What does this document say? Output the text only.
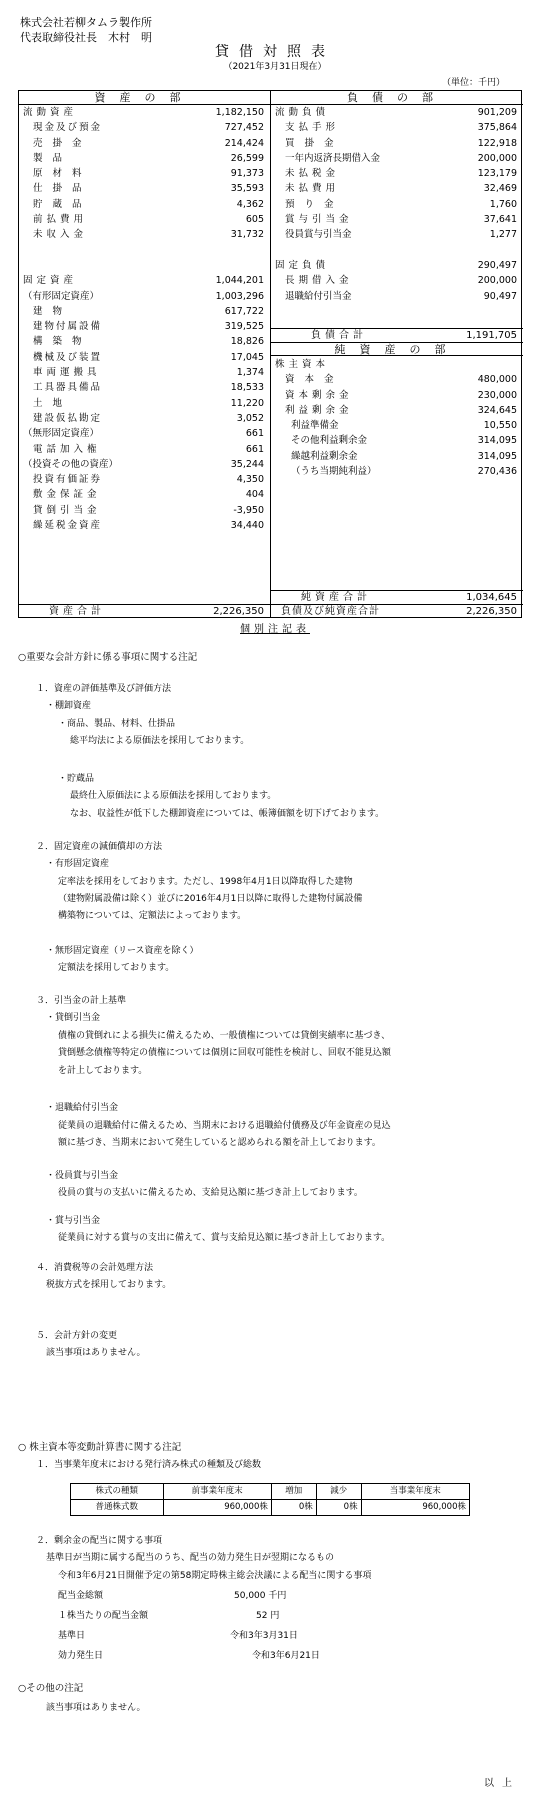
株式会社若柳タムラ製作所
代表取締役社長　木村　明
貸借対照表
（2021年3月31日現在）
（単位：千円）
資産の部
流動資産	1,182,150
現金及び預金	727,452
売掛金	214,424
製品	26,599
原材料	91,373
仕掛品	35,593
貯蔵品	4,362
前払費用	605
未収入金	31,732
固定資産	1,044,201
（有形固定資産）	1,003,296
建物	617,722
建物付属設備	319,525
構築物	18,826
機械及び装置	17,045
車両運搬具	1,374
工具器具備品	18,533
土地	11,220
建設仮払勘定	3,052
（無形固定資産）	661
電話加入権	661
（投資その他の資産）	35,244
投資有価証券	4,350
敷金保証金	404
貸倒引当金	-3,950
繰延税金資産	34,440
資産合計	2,226,350
負債の部
流動負債	901,209
支払手形	375,864
買掛金	122,918
一年内返済長期借入金	200,000
未払税金	123,179
未払費用	32,469
預り金	1,760
賞与引当金	37,641
役員賞与引当金	1,277
固定負債	290,497
長期借入金	200,000
退職給付引当金	90,497
負債合計	1,191,705
純資産の部
株主資本
資本金	480,000
資本剰余金	230,000
利益剰余金	324,645
利益準備金	10,550
その他利益剰余金	314,095
繰越利益剰余金	314,095
（うち当期純利益）	270,436
純資産合計	1,034,645
負債及び純資産合計	2,226,350
個別注記表
○重要な会計方針に係る事項に関する注記
１．資産の評価基準及び評価方法
・棚卸資産
・商品、製品、材料、仕掛品
総平均法による原価法を採用しております。
・貯蔵品
最終仕入原価法による原価法を採用しております。
なお、収益性が低下した棚卸資産については、帳簿価額を切下げております。
２．固定資産の減価償却の方法
・有形固定資産
定率法を採用をしております。ただし、1998年4月1日以降取得した建物
（建物附属設備は除く）並びに2016年4月1日以降に取得した建物付属設備
構築物については、定額法によっております。
・無形固定資産（リース資産を除く）
定額法を採用しております。
３．引当金の計上基準
・貸倒引当金
債権の貸倒れによる損失に備えるため、一般債権については貸倒実績率に基づき、
貸倒懸念債権等特定の債権については個別に回収可能性を検討し、回収不能見込額
を計上しております。
・退職給付引当金
従業員の退職給付に備えるため、当期末における退職給付債務及び年金資産の見込
額に基づき、当期末において発生していると認められる額を計上しております。
・役員賞与引当金
役員の賞与の支払いに備えるため、支給見込額に基づき計上しております。
・賞与引当金
従業員に対する賞与の支出に備えて、賞与支給見込額に基づき計上しております。
４．消費税等の会計処理方法
税抜方式を採用しております。
５．会計方針の変更
該当事項はありません。
○ 株主資本等変動計算書に関する注記
１．当事業年度末における発行済み株式の種類及び総数
株式の種類	前事業年度末	増加	減少	当事業年度末
普通株式数	960,000株	0株	0株	960,000株
２．剰余金の配当に関する事項
基準日が当期に属する配当のうち、配当の効力発生日が翌期になるもの
令和3年6月21日開催予定の第58期定時株主総会決議による配当に関する事項
配当金総額	50,000 千円
１株当たりの配当金額	52 円
基準日	令和3年3月31日
効力発生日	令和3年6月21日
○その他の注記
該当事項はありません。
以上
